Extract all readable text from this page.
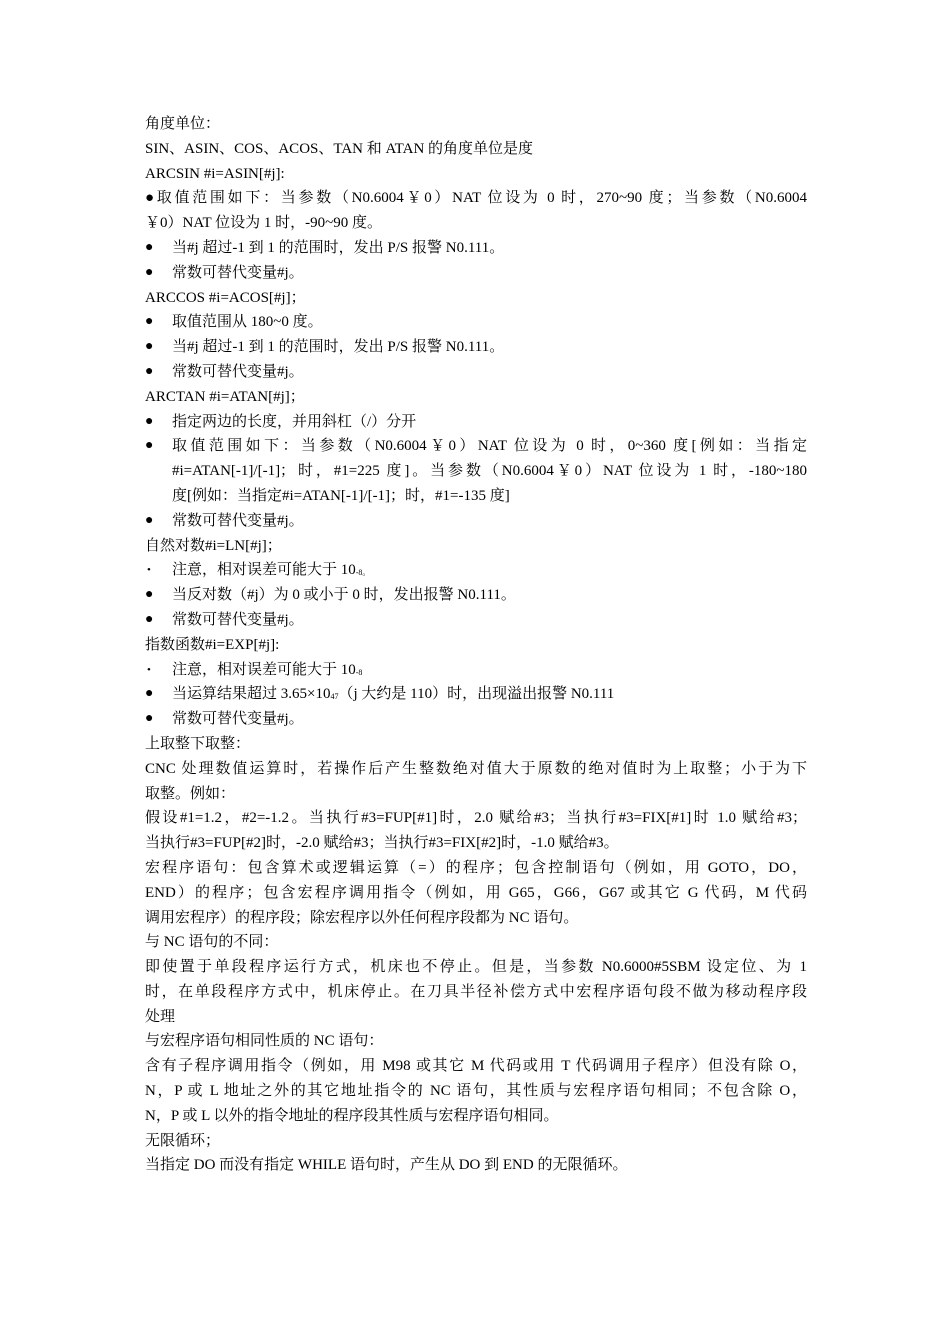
角度单位：
SIN、ASIN、COS、ACOS、TAN 和 ATAN 的角度单位是度
ARCSIN #i=ASIN[#j]:
●取值范围如下：当参数（N0.6004￥0）NAT 位设为 0 时，270~90 度；当参数（N0.6004
￥0）NAT 位设为 1 时，-90~90 度。
● 当#j 超过-1 到 1 的范围时，发出 P/S 报警 N0.111。
● 常数可替代变量#j。
ARCCOS #i=ACOS[#j]；
● 取值范围从 180~0 度。
● 当#j 超过-1 到 1 的范围时，发出 P/S 报警 N0.111。
● 常数可替代变量#j。
ARCTAN #i=ATAN[#j]；
● 指定两边的长度，并用斜杠（/）分开
● 取值范围如下：当参数（N0.6004￥0）NAT 位设为 0 时，0~360 度[例如：当指定
#i=ATAN[-1]/[-1]；时，#1=225 度]。当参数（N0.6004￥0）NAT 位设为 1 时，-180~180
度[例如：当指定#i=ATAN[-1]/[-1]；时，#1=-135 度]
● 常数可替代变量#j。
自然对数#i=LN[#j]；
• 注意，相对误差可能大于 10-8。
● 当反对数（#j）为 0 或小于 0 时，发出报警 N0.111。
● 常数可替代变量#j。
指数函数#i=EXP[#j]:
• 注意，相对误差可能大于 10-8
● 当运算结果超过 3.65×1047（j 大约是 110）时，出现溢出报警 N0.111
● 常数可替代变量#j。
上取整下取整：
CNC 处理数值运算时，若操作后产生整数绝对值大于原数的绝对值时为上取整；小于为下
取整。例如：
假设#1=1.2，#2=-1.2。当执行#3=FUP[#1]时，2.0 赋给#3；当执行#3=FIX[#1]时 1.0 赋给#3；
当执行#3=FUP[#2]时，-2.0 赋给#3；当执行#3=FIX[#2]时，-1.0 赋给#3。
宏程序语句：包含算术或逻辑运算（=）的程序；包含控制语句（例如，用 GOTO，DO，
END）的程序；包含宏程序调用指令（例如，用 G65，G66，G67 或其它 G 代码，M 代码
调用宏程序）的程序段；除宏程序以外任何程序段都为 NC 语句。
与 NC 语句的不同：
即使置于单段程序运行方式，机床也不停止。但是，当参数 N0.6000#5SBM 设定位、为 1
时，在单段程序方式中，机床停止。在刀具半径补偿方式中宏程序语句段不做为移动程序段
处理
与宏程序语句相同性质的 NC 语句：
含有子程序调用指令（例如，用 M98 或其它 M 代码或用 T 代码调用子程序）但没有除 O，
N，P 或 L 地址之外的其它地址指令的 NC 语句，其性质与宏程序语句相同；不包含除 O，
N，P 或 L 以外的指令地址的程序段其性质与宏程序语句相同。
无限循环；
当指定 DO 而没有指定 WHILE 语句时，产生从 DO 到 END 的无限循环。
